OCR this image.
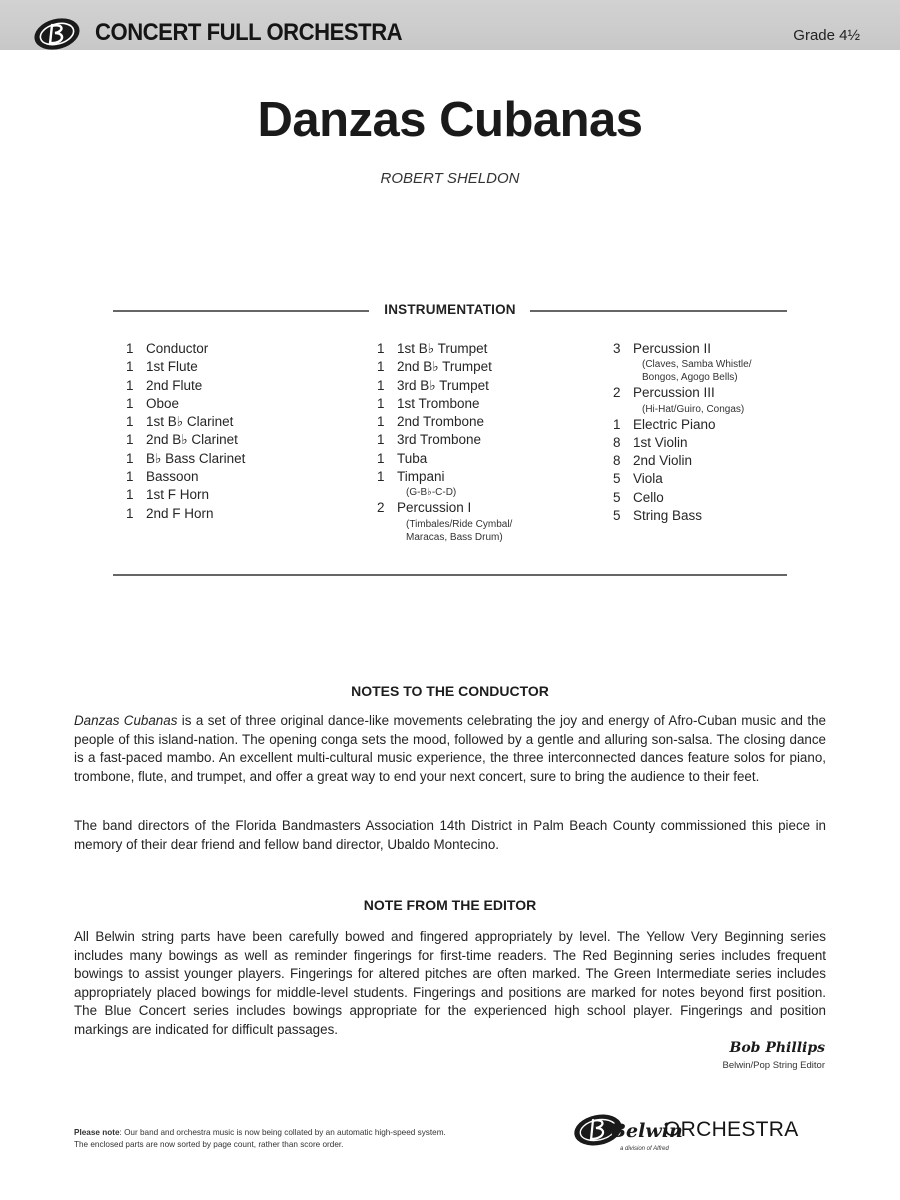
CONCERT FULL ORCHESTRA	Grade 4½
Danzas Cubanas
ROBERT SHELDON
INSTRUMENTATION
1 Conductor
1 1st Flute
1 2nd Flute
1 Oboe
1 1st B♭ Clarinet
1 2nd B♭ Clarinet
1 B♭ Bass Clarinet
1 Bassoon
1 1st F Horn
1 2nd F Horn
1 1st B♭ Trumpet
1 2nd B♭ Trumpet
1 3rd B♭ Trumpet
1 1st Trombone
1 2nd Trombone
1 3rd Trombone
1 Tuba
1 Timpani
(G-B♭-C-D)
2 Percussion I
(Timbales/Ride Cymbal/
Maracas, Bass Drum)
3 Percussion II
(Claves, Samba Whistle/
Bongos, Agogo Bells)
2 Percussion III
(Hi-Hat/Guiro, Congas)
1 Electric Piano
8 1st Violin
8 2nd Violin
5 Viola
5 Cello
5 String Bass
NOTES TO THE CONDUCTOR
Danzas Cubanas is a set of three original dance-like movements celebrating the joy and energy of Afro-Cuban music and the people of this island-nation. The opening conga sets the mood, followed by a gentle and alluring son-salsa. The closing dance is a fast-paced mambo. An excellent multi-cultural music experience, the three interconnected dances feature solos for piano, trombone, flute, and trumpet, and offer a great way to end your next concert, sure to bring the audience to their feet.
The band directors of the Florida Bandmasters Association 14th District in Palm Beach County commissioned this piece in memory of their dear friend and fellow band director, Ubaldo Montecino.
NOTE FROM THE EDITOR
All Belwin string parts have been carefully bowed and fingered appropriately by level. The Yellow Very Beginning series includes many bowings as well as reminder fingerings for first-time readers. The Red Beginning series includes frequent bowings to assist younger players. Fingerings for altered pitches are often marked. The Green Intermediate series includes appropriately placed bowings for middle-level students. Fingerings and positions are marked for notes beyond first position. The Blue Concert series includes bowings appropriate for the experienced high school player. Fingerings and position markings are indicated for difficult passages.
Bob Phillips
Belwin/Pop String Editor
Please note: Our band and orchestra music is now being collated by an automatic high-speed system.
The enclosed parts are now sorted by page count, rather than score order.
Belwin
ORCHESTRA
a division of Alfred
